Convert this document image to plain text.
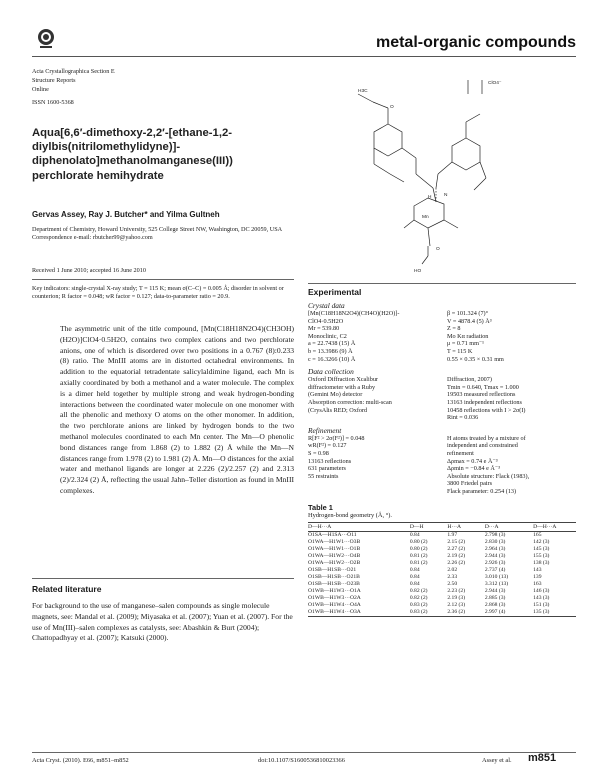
metal-organic compounds
Acta Crystallographica Section E
Structure Reports
Online
ISSN 1600-5368
Aqua[6,6′-dimethoxy-2,2′-[ethane-1,2-diylbis(nitrilomethylidyne)]-diphenolato]methanolmanganese(III)) perchlorate hemihydrate
Gervas Assey, Ray J. Butcher* and Yilma Gultneh
Department of Chemistry, Howard University, 525 College Street NW, Washington, DC 20059, USA
Correspondence e-mail: rbutcher99@yahoo.com
Received 1 June 2010; accepted 16 June 2010
Key indicators: single-crystal X-ray study; T = 115 K; mean σ(C–C) = 0.005 Å; disorder in solvent or counterion; R factor = 0.048; wR factor = 0.127; data-to-parameter ratio = 20.9.

The asymmetric unit of the title compound, [Mn(C18H18N2O4)(CH3OH)(H2O)]ClO4·0.5H2O, contains two complex cations and two perchlorate anions, one of which is disordered over two positions in a 0.767 (8):0.233 (8) ratio. The MnIII atoms are in distorted octahedral environments. In addition to the equatorial tetradentate salicylaldimine ligand, each Mn is axially coordinated by both a methanol and a water molecule. The complex is a dimer held together by multiple strong and weak hydrogen-bonding interactions between the coordinated water molecule on one monomer with all the phenolic and methoxy O atoms on the other monomer. In addition, the two perchlorate anions are linked by hydrogen bonds to the two methanol molecules coordinated to each Mn center. The Mn—O phenolic bond distances range from 1.868 (2) to 1.882 (2) Å while the Mn—N distances range from 1.978 (2) to 1.981 (2) Å. Mn—O distances for the axial water and methanol ligands are longer at 2.226 (2)/2.257 (2) and 2.313 (2)/2.324 (2) Å, reflecting the usual Jahn–Teller distortion as found in MnIII complexes.

Related literature
For background to the use of manganese–salen compounds as single molecule magnets, see: Mandal et al. (2009); Miyasaka et al. (2007); Yuan et al. (2007). For the use of Mn(III)–salen complexes as catalysts, see: Abashkin & Burt (2004); Chattopadhyay et al. (2007); Katsuki (2000).
H3C
O
H
Mn
N
O
HO
ClO4⁻
Experimental
Crystal data
[Mn(C18H18N2O4)(CH4O)(H2O)]-
ClO4·0.5H2O
Mr = 539.80
Monoclinic, C2
a = 22.7438 (15) Å
b = 13.3986 (9) Å
c = 16.3266 (10) Å
β = 101.324 (7)°
V = 4878.4 (5) Å³
Z = 8
Mo Kα radiation
μ = 0.71 mm⁻¹
T = 115 K
0.55 × 0.35 × 0.31 mm
Data collection
Oxford Diffraction Xcalibur
diffractometer with a Ruby
(Gemini Mo) detector
Absorption correction: multi-scan
(CrysAlis RED; Oxford
Diffraction, 2007)
Tmin = 0.640, Tmax = 1.000
19503 measured reflections
13163 independent reflections
10458 reflections with I > 2σ(I)
Rint = 0.036
Refinement
R[F² > 2σ(F²)] = 0.048
wR(F²) = 0.127
S = 0.98
13163 reflections
631 parameters
55 restraints
H atoms treated by a mixture of
independent and constrained
refinement
Δρmax = 0.74 e Å⁻³
Δρmin = −0.84 e Å⁻³
Absolute structure: Flack (1983),
3800 Friedel pairs
Flack parameter: 0.254 (13)
Table 1
Hydrogen-bond geometry (Å, °).
D—H···A	D—H	H···A	D···A	D—H···A
O1SA—H1SA···O11	0.84	1.97	2.798 (3)	165
O1WA—H1W1···O3B	0.80 (2)	2.15 (2)	2.830 (3)	142 (3)
O1WA—H1W1···O1B	0.80 (2)	2.27 (2)	2.964 (3)	145 (3)
O1WA—H1W2···O4B	0.81 (2)	2.19 (2)	2.944 (3)	155 (3)
O1WA—H1W2···O2B	0.81 (2)	2.26 (2)	2.926 (3)	138 (3)
O1SB—H1SB···O21	0.84	2.02	2.737 (4)	143
O1SB—H1SB···O21B	0.84	2.33	3.010 (13)	139
O1SB—H1SB···O23B	0.84	2.50	3.312 (13)	163
O1WB—H1W3···O1A	0.82 (2)	2.23 (2)	2.944 (3)	146 (3)
O1WB—H1W3···O2A	0.82 (2)	2.19 (3)	2.885 (3)	143 (3)
O1WB—H1W4···O4A	0.83 (2)	2.12 (3)	2.868 (3)	151 (3)
O1WB—H1W4···O3A	0.83 (2)	2.36 (2)	2.997 (4)	135 (3)
Acta Cryst. (2010). E66, m851–m852	doi:10.1107/S1600536810023366	Assey et al. m851
